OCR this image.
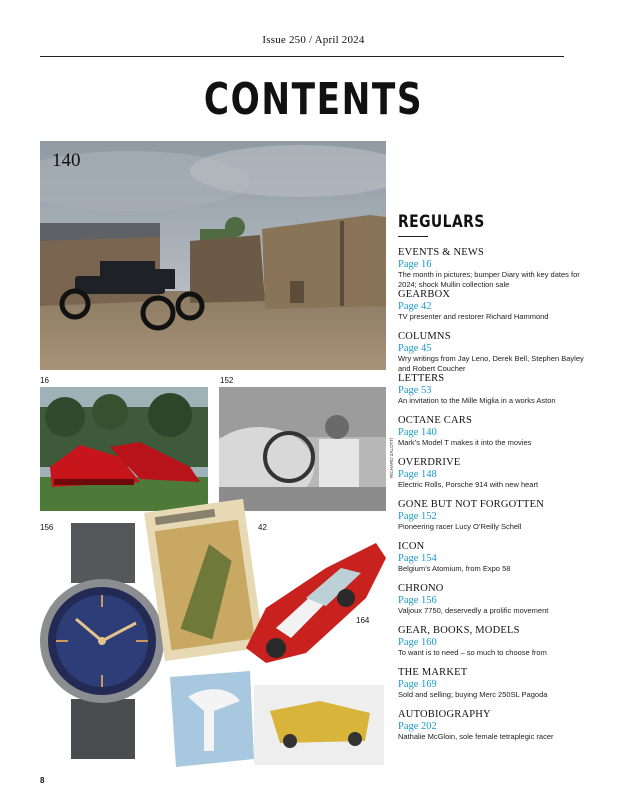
Issue 250 / April 2024
CONTENTS
140
16	152
RICHARD ZALOTTI
156	42
164
REGULARS
EVENTS & NEWS
Page 16
The month in pictures; bumper Diary with key dates for 2024; shock Mullin collection sale
GEARBOX
Page 42
TV presenter and restorer Richard Hammond
COLUMNS
Page 45
Wry writings from Jay Leno, Derek Bell, Stephen Bayley and Robert Coucher
LETTERS
Page 53
An invitation to the Mille Miglia in a works Aston
OCTANE CARS
Page 140
Mark’s Model T makes it into the movies
OVERDRIVE
Page 148
Electric Rolls, Porsche 914 with new heart
GONE BUT NOT FORGOTTEN
Page 152
Pioneering racer Lucy O’Reilly Schell
ICON
Page 154
Belgium’s Atomium, from Expo 58
CHRONO
Page 156
Valjoux 7750, deservedly a prolific movement
GEAR, BOOKS, MODELS
Page 160
To want is to need – so much to choose from
THE MARKET
Page 169
Sold and selling; buying Merc 250SL Pagoda
AUTOBIOGRAPHY
Page 202
Nathalie McGloin, sole female tetraplegic racer
8
